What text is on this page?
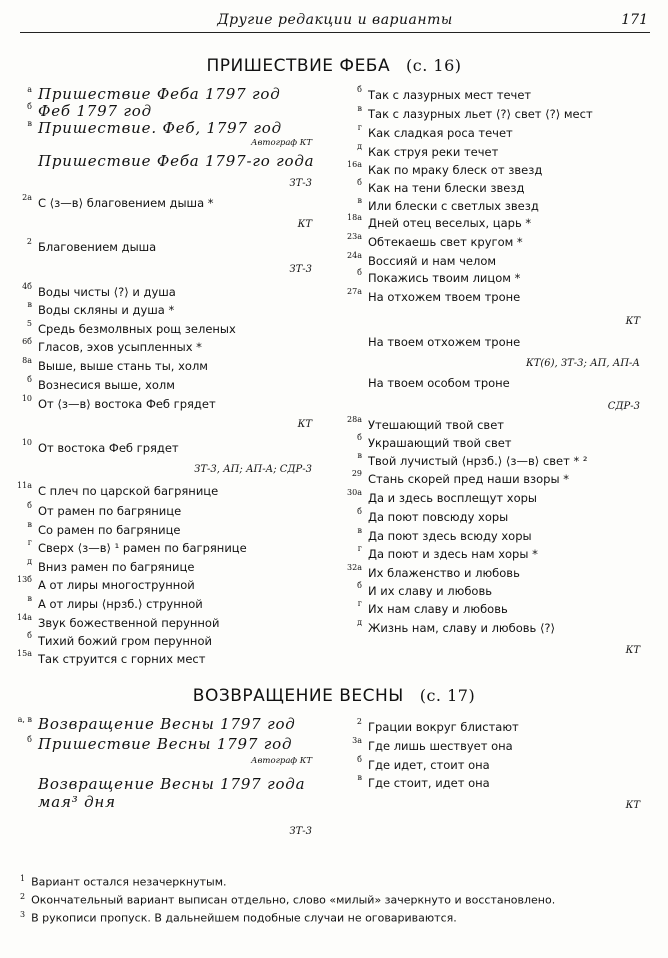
Другие редакции и варианты	171
ПРИШЕСТВИЕ ФЕБА (с. 16)
ВОЗВРАЩЕНИЕ ВЕСНЫ (с. 17)
$^1$ Вариант остался незачеркнутым.
$^2$ Окончательный вариант выписан отдельно, слово «милый» зачеркнуто и восстановлено.
$^3$ В рукописи пропуск. В дальнейшем подобные случаи не оговариваются.
а Пришествие Феба 1797 год
б Феб 1797 год
в Пришествие. Феб, 1797 год
Автограф КТ
Пришествие Феба 1797-го года
ЗТ-3
2а С ⟨з—в⟩ благовением дыша *
КТ
2 Благовением дыша
ЗТ-3
4б Воды чисты ⟨?⟩ и душа
в Воды скляны и душа *
5 Средь безмолвных рощ зеленых
6б Гласов, эхов усыпленных *
8а Выше, выше стань ты, холм
б Вознесися выше, холм
10 От ⟨з—в⟩ востока Феб грядет
КТ
10 От востока Феб грядет
ЗТ-3, АП; АП-А; СДР-3
11а С плеч по царской багрянице
б От рамен по багрянице
в Со рамен по багрянице
г Сверх ⟨з—в⟩ ¹ рамен по багрянице
д Вниз рамен по багрянице
13б А от лиры многострунной
в А от лиры ⟨нрзб.⟩ струнной
14а Звук божественной перунной
б Тихий божий гром перунной
15а Так струится с горних мест
б Так с лазурных мест течет
в Так с лазурных льет ⟨?⟩ свет ⟨?⟩ мест
г Как сладкая роса течет
д Как струя реки течет
16а Как по мраку блеск от звезд
б Как на тени блески звезд
в Или блески с светлых звезд
18а Дней отец веселых, царь *
23а Обтекаешь свет кругом *
24а Воссияй и нам челом
б Покажись твоим лицом *
27а На отхожем твоем троне
КТ
На твоем отхожем троне
КТ(6), ЗТ-3; АП, АП-А
На твоем особом троне
СДР-3
28а Утешающий твой свет
б Украшающий твой свет
в Твой лучистый ⟨нрзб.⟩ ⟨з—в⟩ свет * ²
29 Стань скорей пред наши взоры *
30а Да и здесь восплещут хоры
б Да поют повсюду хоры
в Да поют здесь всюду хоры
г Да поют и здесь нам хоры *
32а Их блаженство и любовь
б И их славу и любовь
г Их нам славу и любовь
д Жизнь нам, славу и любовь ⟨?⟩
КТ
а, в Возвращение Весны 1797 год
б Пришествие Весны 1797 год
Автограф КТ
Возвращение Весны 1797 года
мая³ дня
ЗТ-3
2 Грации вокруг блистают
3а Где лишь шествует она
б Где идет, стоит она
в Где стоит, идет она
КТ
